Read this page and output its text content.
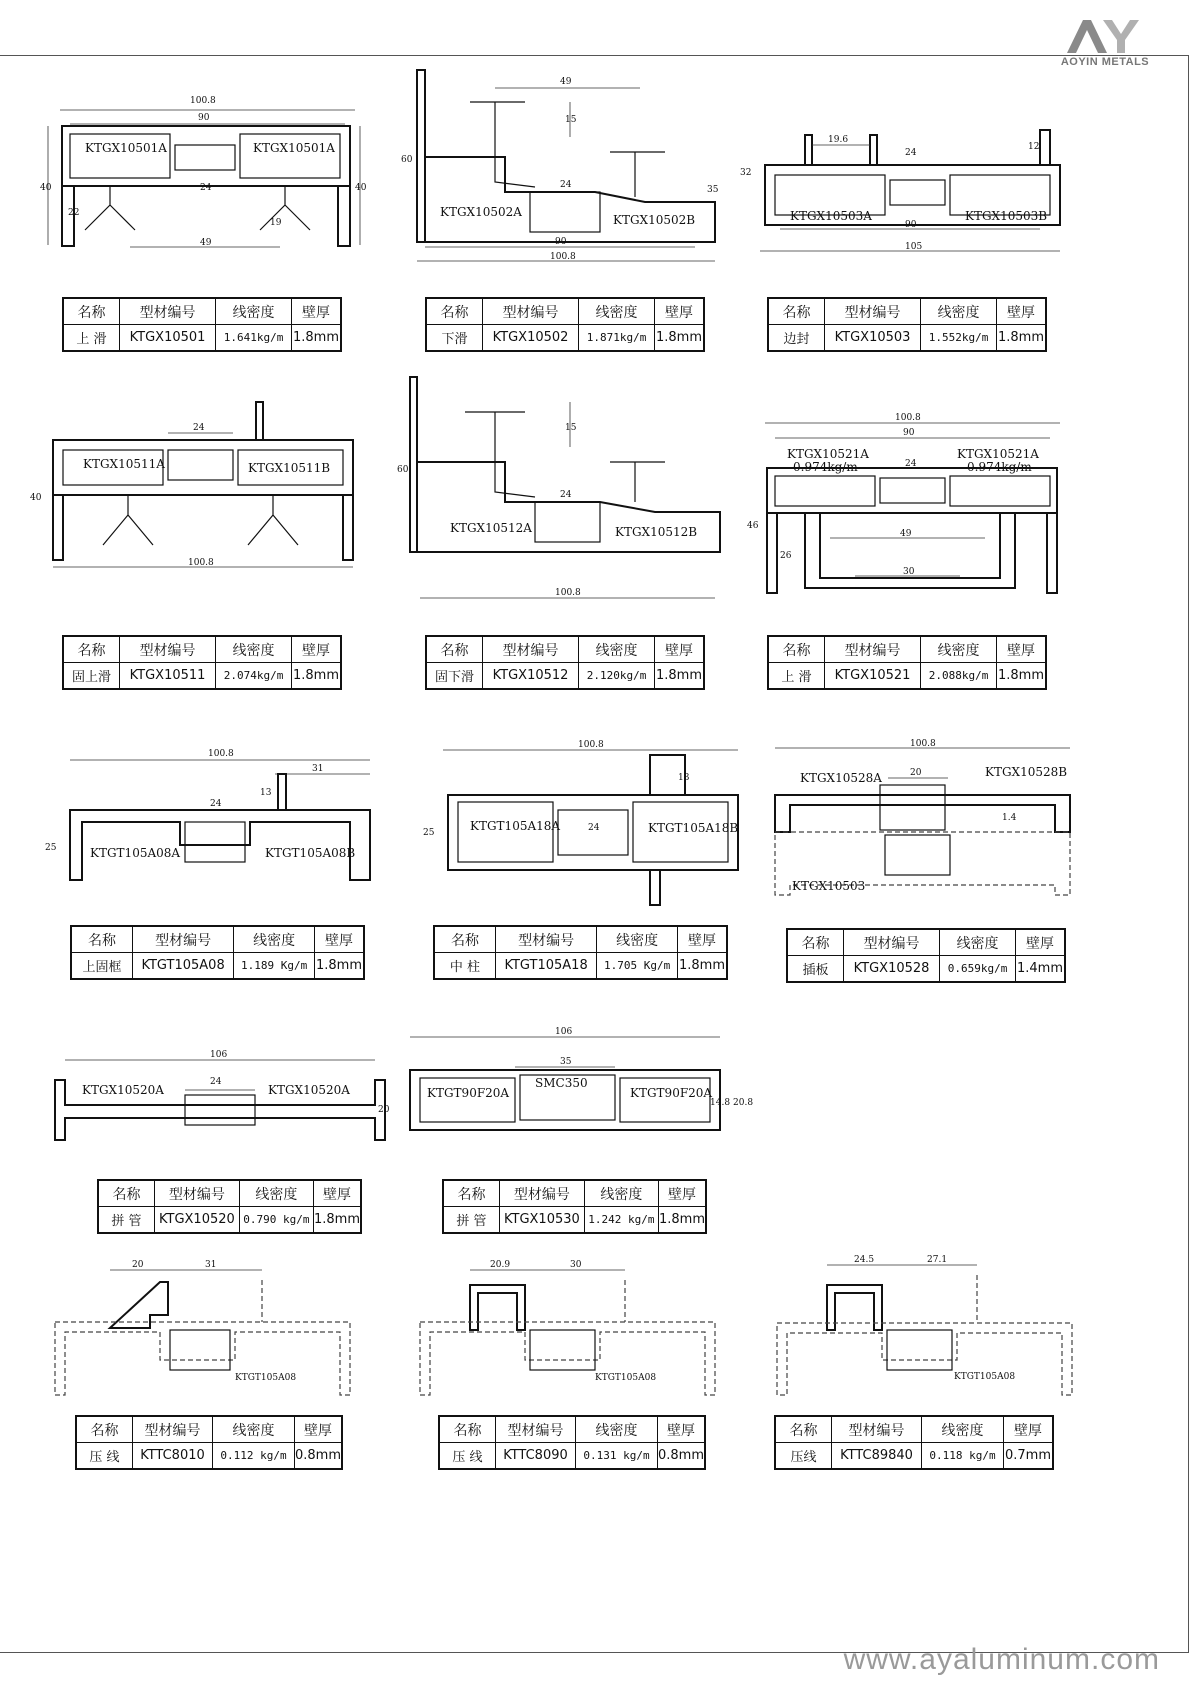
AOYIN METALS
100.8
90
49
24
19
40
22
40
KTGX10501A	KTGX10501A
49
15
24
60
35
90
100.8
KTGX10502A
KTGX10502B
19.6
24
12
32
90
105
KTGX10503A	KTGX10503B
名称	型材编号	线密度	壁厚
上 滑	KTGX10501	1.641kg/m	1.8mm
名称	型材编号	线密度	壁厚
下滑	KTGX10502	1.871kg/m	1.8mm
名称	型材编号	线密度	壁厚
边封	KTGX10503	1.552kg/m	1.8mm
24
40
100.8
KTGX10511A	KTGX10511B
15
24
60
100.8
KTGX10512A	KTGX10512B
100.8
90
24
49
46
26
30
KTGX10521A	KTGX10521A
0.974kg/m	0.974kg/m
名称	型材编号	线密度	壁厚
固上滑	KTGX10511	2.074kg/m	1.8mm
名称	型材编号	线密度	壁厚
固下滑	KTGX10512	2.120kg/m	1.8mm
名称	型材编号	线密度	壁厚
上 滑	KTGX10521	2.088kg/m	1.8mm
100.8
31
24
13
25	KTGT105A08A	KTGT105A08B
100.8
13
24
25	KTGT105A18A	KTGT105A18B
100.8
20
1.4
KTGX10528A	KTGX10528B
KTGX10503
名称	型材编号	线密度	壁厚
上固框	KTGT105A08	1.189 Kg/m	1.8mm
名称	型材编号	线密度	壁厚
中 柱	KTGT105A18	1.705 Kg/m	1.8mm
名称	型材编号	线密度	壁厚
插板	KTGX10528	0.659kg/m	1.4mm
106
24
20
KTGX10520A	KTGX10520A
106
35
14.8 20.8
KTGT90F20A
SMC350
KTGT90F20A
名称	型材编号	线密度	壁厚
拼 管	KTGX10520	0.790 kg/m	1.8mm
名称	型材编号	线密度	壁厚
拼 管	KTGX10530	1.242 kg/m	1.8mm
20	31
KTGT105A08
20.9	30
KTGT105A08
24.5	27.1
KTGT105A08
名称	型材编号	线密度	壁厚
压 线	KTTC8010	0.112 kg/m	0.8mm
名称	型材编号	线密度	壁厚
压 线	KTTC8090	0.131 kg/m	0.8mm
名称	型材编号	线密度	壁厚
压线	KTTC89840	0.118 kg/m	0.7mm
www.ayaluminum.com
